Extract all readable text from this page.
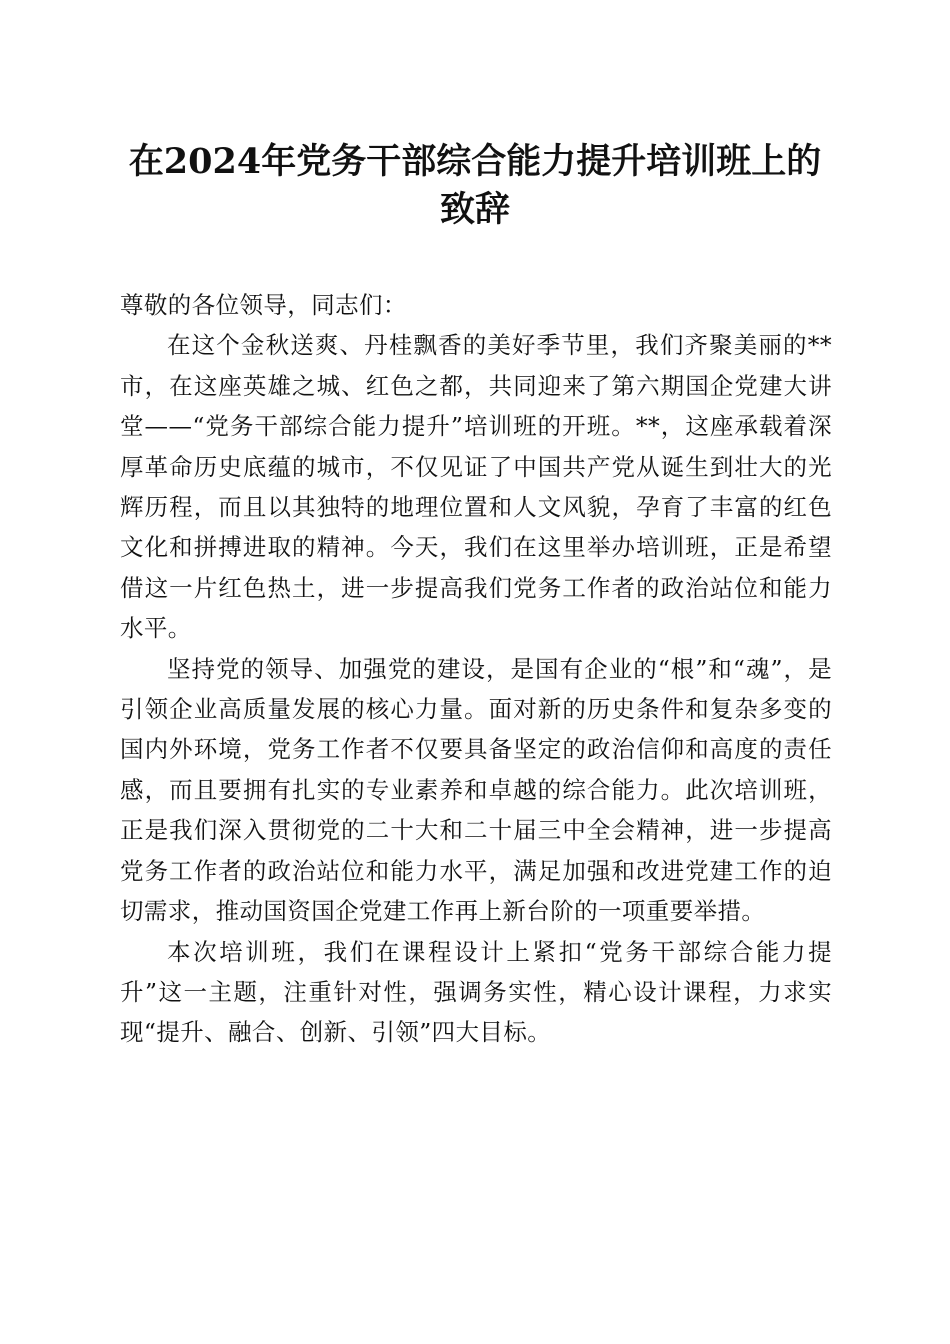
在2024年党务干部综合能力提升培训班上的
致辞

尊敬的各位领导，同志们：

在这个金秋送爽、丹桂飘香的美好季节里，我们齐聚美丽的**市，在这座英雄之城、红色之都，共同迎来了第六期国企党建大讲堂——“党务干部综合能力提升”培训班的开班。**，这座承载着深厚革命历史底蕴的城市，不仅见证了中国共产党从诞生到壮大的光辉历程，而且以其独特的地理位置和人文风貌，孕育了丰富的红色文化和拼搏进取的精神。今天，我们在这里举办培训班，正是希望借这一片红色热土，进一步提高我们党务工作者的政治站位和能力水平。

坚持党的领导、加强党的建设，是国有企业的“根”和“魂”，是引领企业高质量发展的核心力量。面对新的历史条件和复杂多变的国内外环境，党务工作者不仅要具备坚定的政治信仰和高度的责任感，而且要拥有扎实的专业素养和卓越的综合能力。此次培训班，正是我们深入贯彻党的二十大和二十届三中全会精神，进一步提高党务工作者的政治站位和能力水平，满足加强和改进党建工作的迫切需求，推动国资国企党建工作再上新台阶的一项重要举措。

本次培训班，我们在课程设计上紧扣“党务干部综合能力提升”这一主题，注重针对性，强调务实性，精心设计课程，力求实现“提升、融合、创新、引领”四大目标。
